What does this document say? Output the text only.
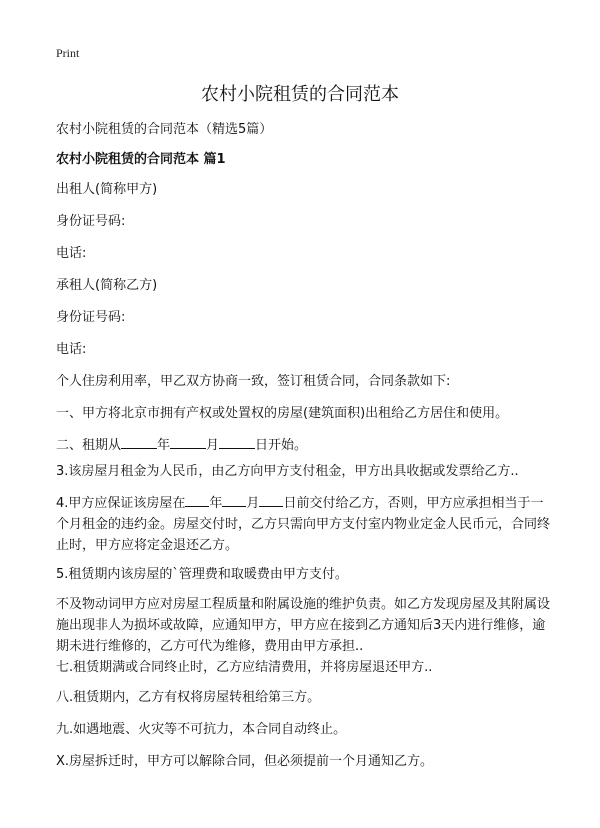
Print
农村小院租赁的合同范本
农村小院租赁的合同范本（精选5篇）
农村小院租赁的合同范本 篇1
出租人(简称甲方)
身份证号码:
电话:
承租人(简称乙方)
身份证号码:
电话:
个人住房利用率，甲乙双方协商一致，签订租赁合同，合同条款如下:
一、甲方将北京市拥有产权或处置权的房屋(建筑面积)出租给乙方居住和使用。
二、租期从	年	月	日开始。
3.该房屋月租金为人民币，由乙方向甲方支付租金，甲方出具收据或发票给乙方..
4.甲方应保证该房屋在 年 月 日前交付给乙方，否则，甲方应承担相当于一个月租金的违约金。房屋交付时，乙方只需向甲方支付室内物业定金人民币元，合同终止时，甲方应将定金退还乙方。
5.租赁期内该房屋的`管理费和取暖费由甲方支付。
不及物动词甲方应对房屋工程质量和附属设施的维护负责。如乙方发现房屋及其附属设施出现非人为损坏或故障，应通知甲方，甲方应在接到乙方通知后3天内进行维修，逾期未进行维修的，乙方可代为维修，费用由甲方承担..
七.租赁期满或合同终止时，乙方应结清费用，并将房屋退还甲方..
八.租赁期内，乙方有权将房屋转租给第三方。
九.如遇地震、火灾等不可抗力，本合同自动终止。
X.房屋拆迁时，甲方可以解除合同，但必须提前一个月通知乙方。
